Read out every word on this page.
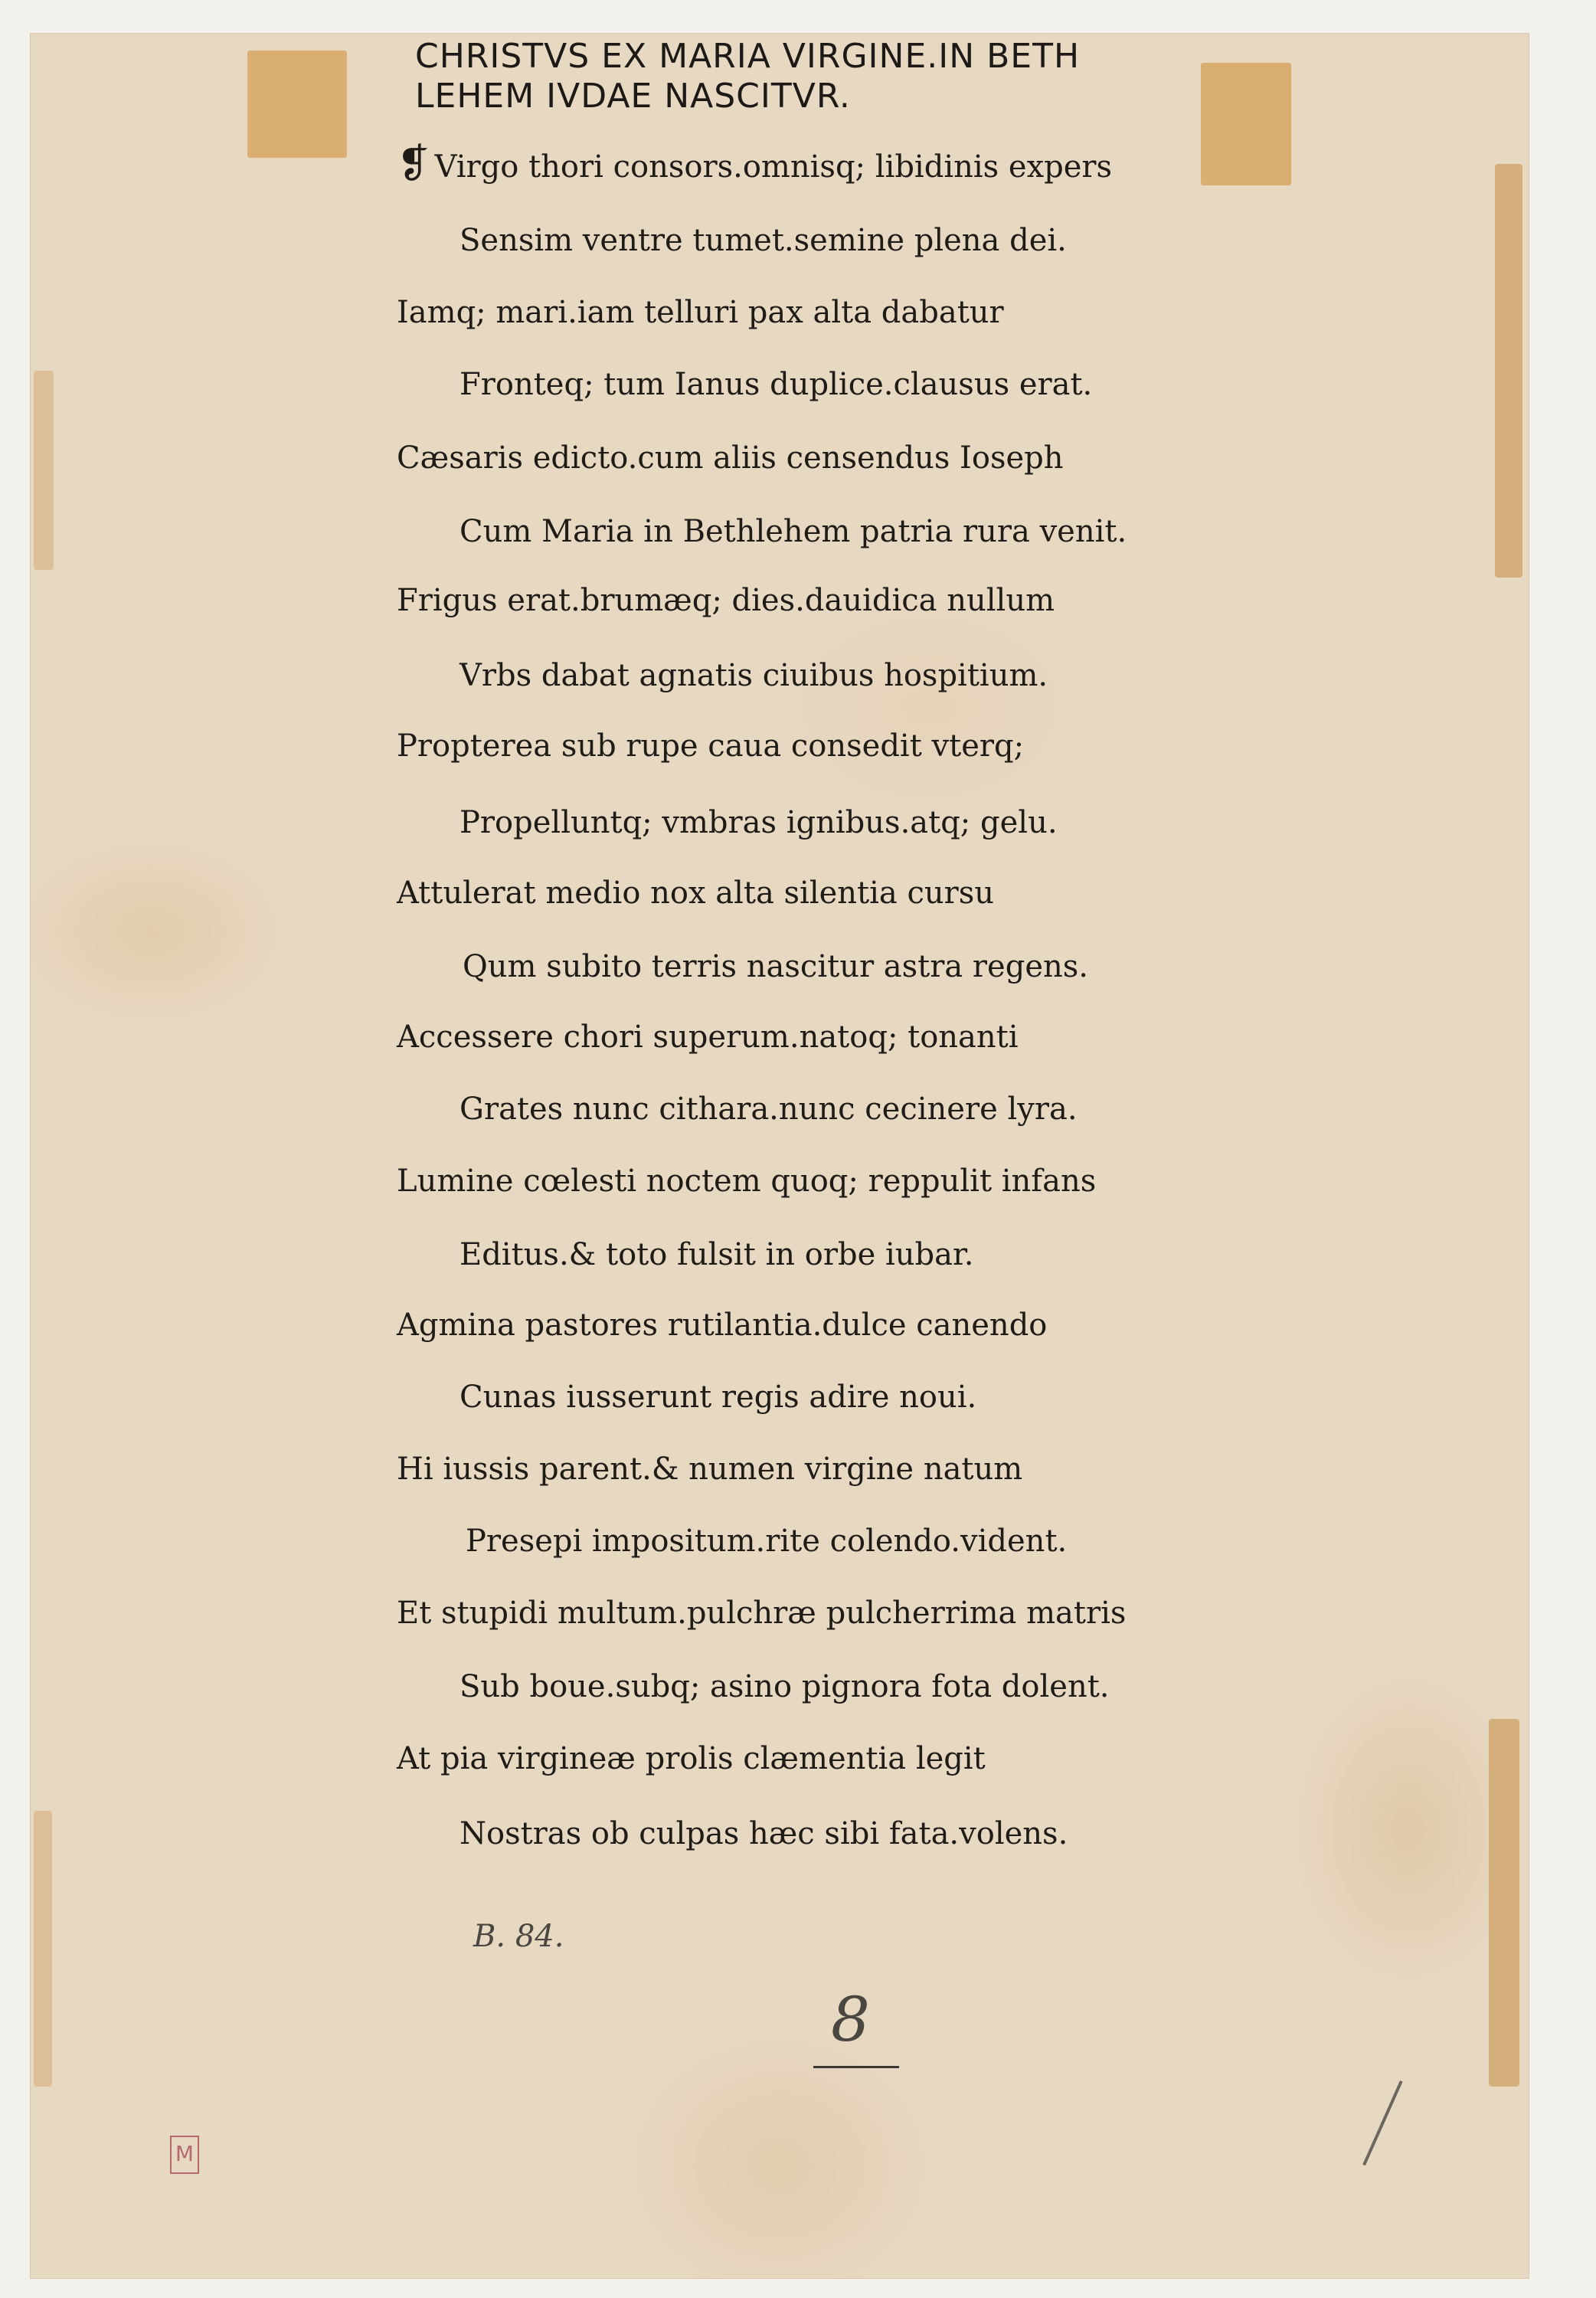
CHRISTVS EX MARIA VIRGINE.IN BETH
LEHEM IVDAE NASCITVR.
❡ Virgo thori consors.omnisq; libidinis expers
Sensim ventre tumet.semine plena dei.
Iamq; mari.iam telluri pax alta dabatur
Fronteq; tum Ianus duplice.clausus erat.
Cæsaris edicto.cum aliis censendus Ioseph
Cum Maria in Bethlehem patria rura venit.
Frigus erat.brumæq; dies.dauidica nullum
Vrbs dabat agnatis ciuibus hospitium.
Propterea sub rupe caua consedit vterq;
Propelluntq; vmbras ignibus.atq; gelu.
Attulerat medio nox alta silentia cursu
Qum subito terris nascitur astra regens.
Accessere chori superum.natoq; tonanti
Grates nunc cithara.nunc cecinere lyra.
Lumine cœlesti noctem quoq; reppulit infans
Editus.& toto fulsit in orbe iubar.
Agmina pastores rutilantia.dulce canendo
Cunas iusserunt regis adire noui.
Hi iussis parent.& numen virgine natum
Presepi impositum.rite colendo.vident.
Et stupidi multum.pulchræ pulcherrima matris
Sub boue.subq; asino pignora fota dolent.
At pia virgineæ prolis clæmentia legit
Nostras ob culpas hæc sibi fata.volens.
B. 84.
8
M
